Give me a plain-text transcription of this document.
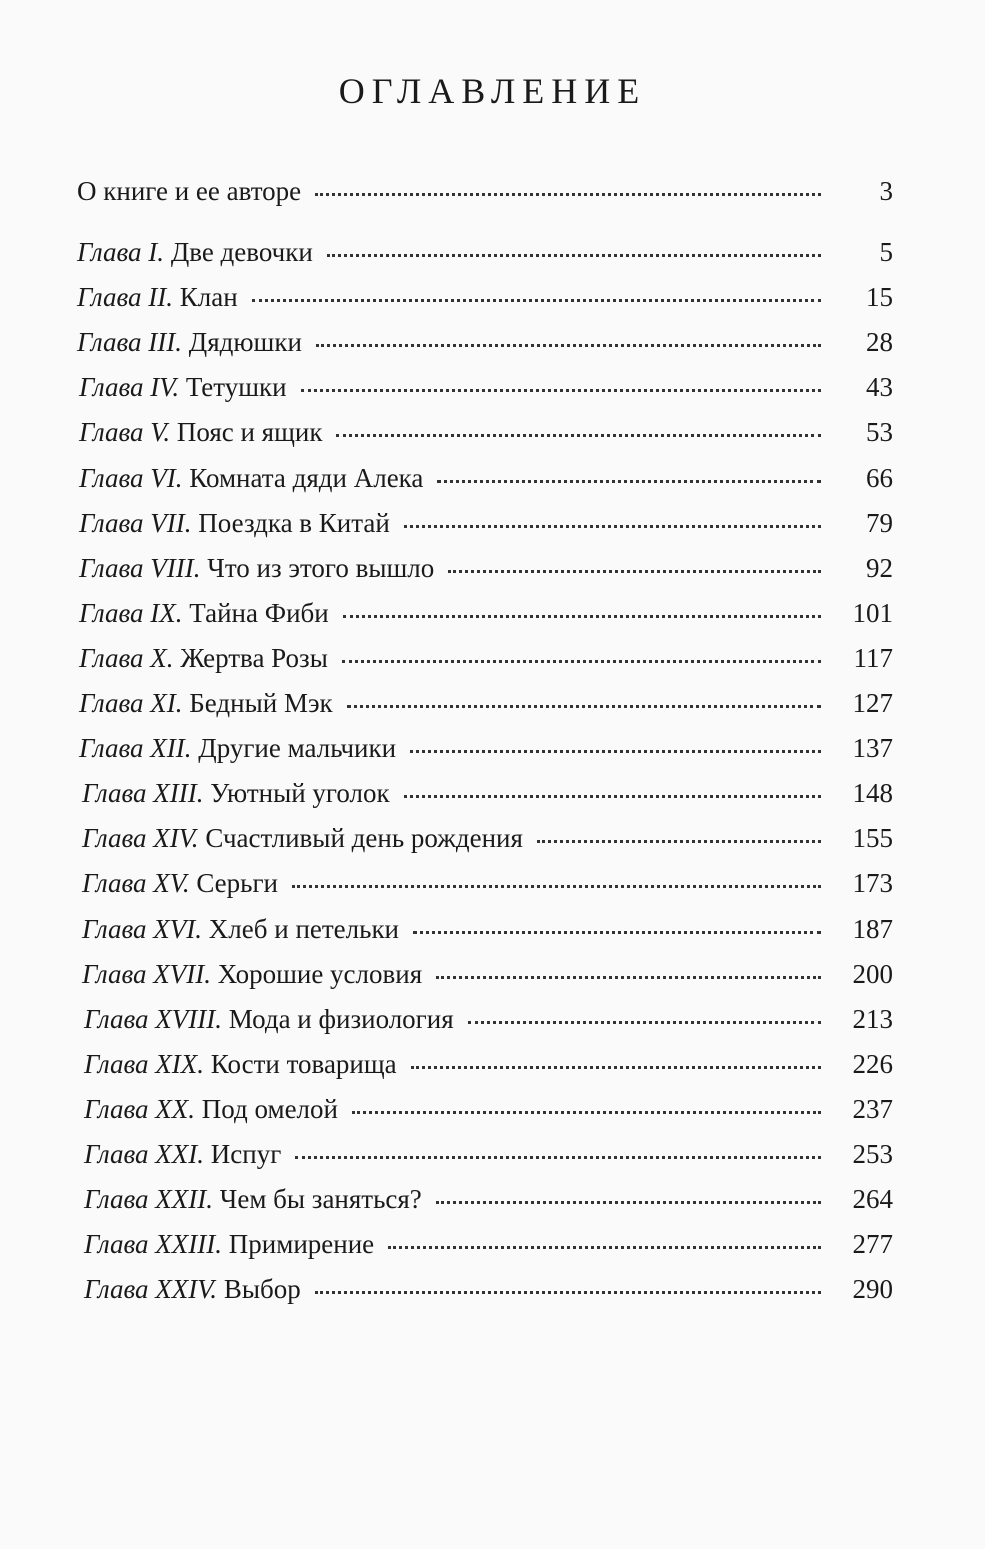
ОГЛАВЛЕНИЕ
О книге и ее авторе	3
Глава I. Две девочки	5
Глава II. Клан	15
Глава III. Дядюшки	28
Глава IV. Тетушки	43
Глава V. Пояс и ящик	53
Глава VI. Комната дяди Алека	66
Глава VII. Поездка в Китай	79
Глава VIII. Что из этого вышло	92
Глава IX. Тайна Фиби	101
Глава X. Жертва Розы	117
Глава XI. Бедный Мэк	127
Глава XII. Другие мальчики	137
Глава XIII. Уютный уголок	148
Глава XIV. Счастливый день рождения	155
Глава XV. Серьги	173
Глава XVI. Хлеб и петельки	187
Глава XVII. Хорошие условия	200
Глава XVIII. Мода и физиология	213
Глава XIX. Кости товарища	226
Глава XX. Под омелой	237
Глава XXI. Испуг	253
Глава XXII. Чем бы заняться?	264
Глава XXIII. Примирение	277
Глава XXIV. Выбор	290
